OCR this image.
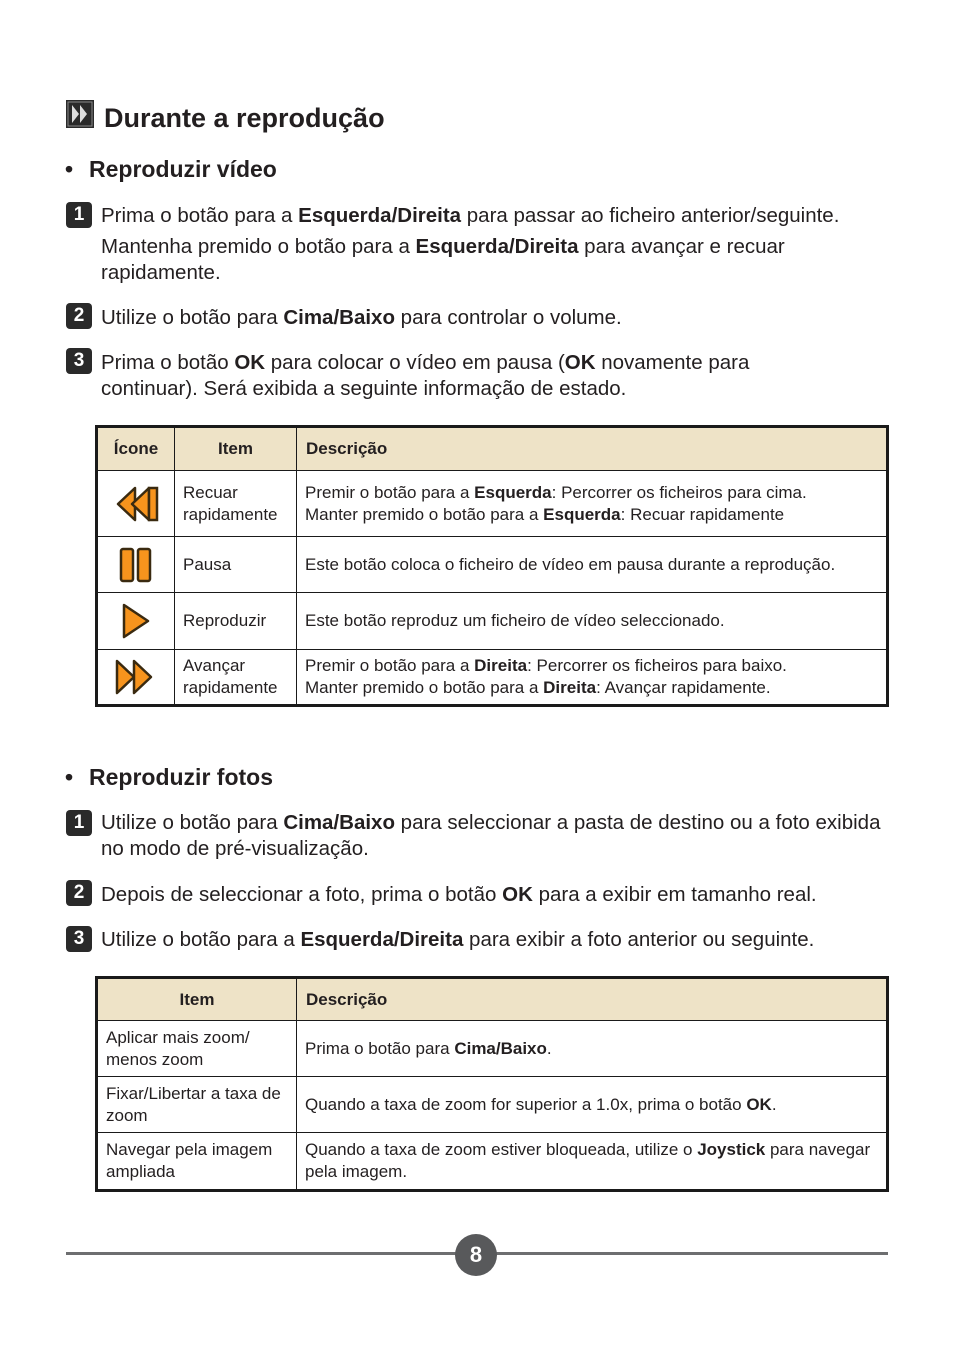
Durante a reprodução
• Reproduzir vídeo
1 Prima o botão para a Esquerda/Direita para passar ao ficheiro anterior/seguinte.

Mantenha premido o botão para a Esquerda/Direita para avançar e recuar rapidamente.

2 Utilize o botão para Cima/Baixo para controlar o volume.

3 Prima o botão OK para colocar o vídeo em pausa (OK novamente para continuar). Será exibida a seguinte informação de estado.

Ícone	Item	Descrição

	Recuar rapidamente	Premir o botão para a Esquerda: Percorrer os ficheiros para cima.
Manter premido o botão para a Esquerda: Recuar rapidamente

	Pausa	Este botão coloca o ficheiro de vídeo em pausa durante a reprodução.

	Reproduzir	Este botão reproduz um ficheiro de vídeo seleccionado.

	Avançar rapidamente	Premir o botão para a Direita: Percorrer os ficheiros para baixo.
Manter premido o botão para a Direita: Avançar rapidamente.
• Reproduzir fotos
1 Utilize o botão para Cima/Baixo para seleccionar a pasta de destino ou a foto exibida no modo de pré-visualização.

2 Depois de seleccionar a foto, prima o botão OK para a exibir em tamanho real.

3 Utilize o botão para a Esquerda/Direita para exibir a foto anterior ou seguinte.

Item	Descrição
Aplicar mais zoom/ menos zoom	Prima o botão para Cima/Baixo.
Fixar/Libertar a taxa de zoom	Quando a taxa de zoom for superior a 1.0x, prima o botão OK.
Navegar pela imagem ampliada	Quando a taxa de zoom estiver bloqueada, utilize o Joystick para navegar pela imagem.
8
